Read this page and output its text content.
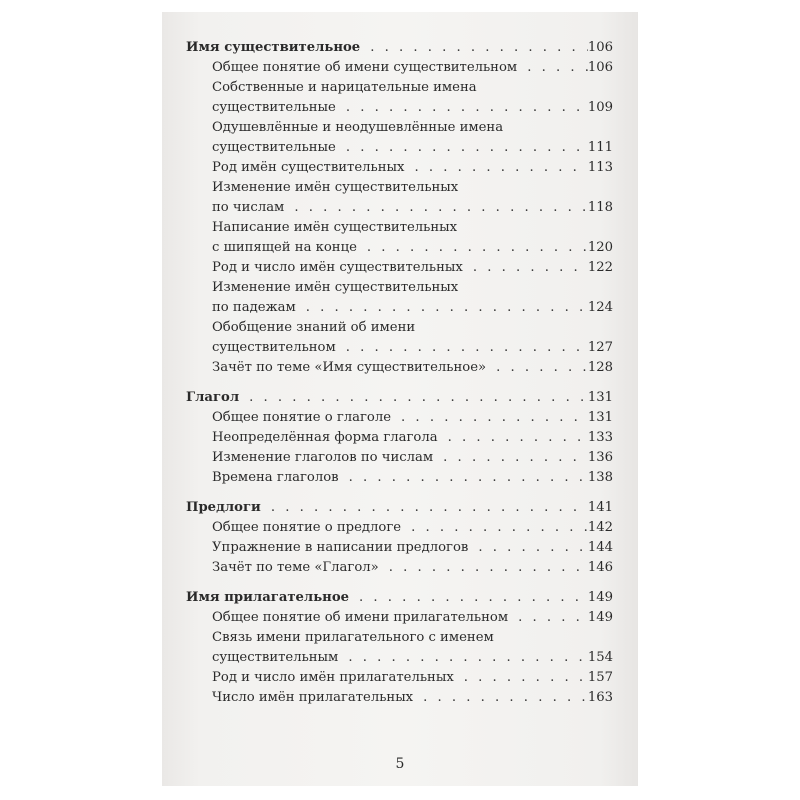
Имя существительное . . .	106
Общее понятие об имени существительном . . .	106
Собственные и нарицательные имена
существительные . . .	109
Одушевлённые и неодушевлённые имена
существительные . . .	111
Род имён существительных . . .	113
Изменение имён существительных
по числам . . .	118
Написание имён существительных
с шипящей на конце . . .	120
Род и число имён существительных . . .	122
Изменение имён существительных
по падежам . . .	124
Обобщение знаний об имени
существительном . . .	127
Зачёт по теме «Имя существительное» . . .	128
Глагол . . .	131
Общее понятие о глаголе . . .	131
Неопределённая форма глагола . . .	133
Изменение глаголов по числам . . .	136
Времена глаголов . . .	138
Предлоги . . .	141
Общее понятие о предлоге . . .	142
Упражнение в написании предлогов . . .	144
Зачёт по теме «Глагол» . . .	146
Имя прилагательное . . .	149
Общее понятие об имени прилагательном . . .	149
Связь имени прилагательного с именем
существительным . . .	154
Род и число имён прилагательных . . .	157
Число имён прилагательных . . .	163
5
